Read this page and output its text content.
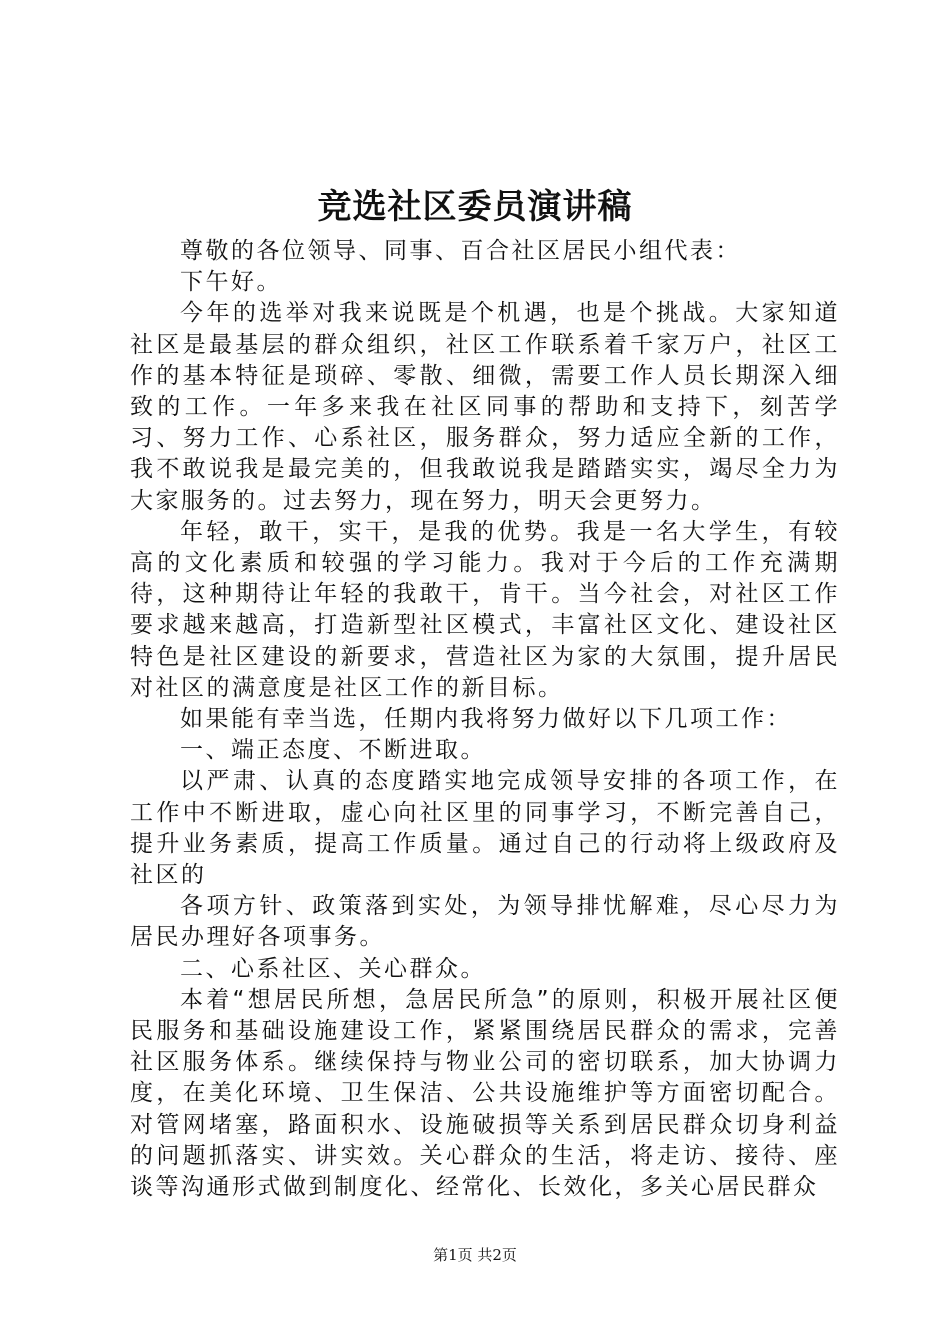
竞选社区委员演讲稿

尊敬的各位领导、同事、百合社区居民小组代表：

下午好。

今年的选举对我来说既是个机遇，也是个挑战。大家知道社区是最基层的群众组织，社区工作联系着千家万户，社区工作的基本特征是琐碎、零散、细微，需要工作人员长期深入细致的工作。一年多来我在社区同事的帮助和支持下，刻苦学习、努力工作、心系社区，服务群众，努力适应全新的工作，我不敢说我是最完美的，但我敢说我是踏踏实实，竭尽全力为大家服务的。过去努力，现在努力，明天会更努力。

年轻，敢干，实干，是我的优势。我是一名大学生，有较高的文化素质和较强的学习能力。我对于今后的工作充满期待，这种期待让年轻的我敢干，肯干。当今社会，对社区工作要求越来越高，打造新型社区模式，丰富社区文化、建设社区特色是社区建设的新要求，营造社区为家的大氛围，提升居民对社区的满意度是社区工作的新目标。

如果能有幸当选，任期内我将努力做好以下几项工作：

一、端正态度、不断进取。

以严肃、认真的态度踏实地完成领导安排的各项工作，在工作中不断进取，虚心向社区里的同事学习，不断完善自己，提升业务素质，提高工作质量。通过自己的行动将上级政府及社区的

各项方针、政策落到实处，为领导排忧解难，尽心尽力为居民办理好各项事务。

二、心系社区、关心群众。

本着“想居民所想，急居民所急”的原则，积极开展社区便民服务和基础设施建设工作，紧紧围绕居民群众的需求，完善社区服务体系。继续保持与物业公司的密切联系，加大协调力度，在美化环境、卫生保洁、公共设施维护等方面密切配合。对管网堵塞，路面积水、设施破损等关系到居民群众切身利益的问题抓落实、讲实效。关心群众的生活，将走访、接待、座谈等沟通形式做到制度化、经常化、长效化，多关心居民群众

第1页 共2页
